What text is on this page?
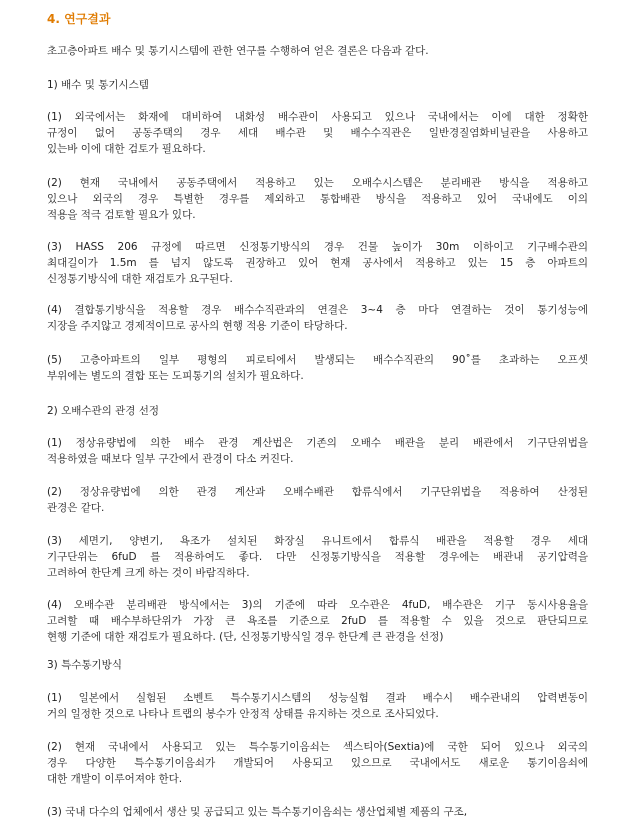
4. 연구결과

초고층아파트 배수 및 통기시스템에 관한 연구를 수행하여 얻은 결론은 다음과 같다.

1) 배수 및 통기시스템

(1) 외국에서는 화재에 대비하여 내화성 배수관이 사용되고 있으나 국내에서는 이에 대한 정확한

규정이 없어 공동주택의 경우 세대 배수관 및 배수수직관은 일반경질염화비닐관을 사용하고

있는바 이에 대한 검토가 필요하다.

(2) 현재 국내에서 공동주택에서 적용하고 있는 오배수시스템은 분리배관 방식을 적용하고

있으나 외국의 경우 특별한 경우를 제외하고 통합배관 방식을 적용하고 있어 국내에도 이의

적용을 적극 검토할 필요가 있다.

(3) HASS 206 규정에 따르면 신정통기방식의 경우 건물 높이가 30m 이하이고 기구배수관의

최대길이가 1.5m 를 넘지 않도록 권장하고 있어 현재 공사에서 적용하고 있는 15 층 아파트의

신정통기방식에 대한 재검토가 요구된다.

(4) 결합통기방식을 적용할 경우 배수수직관과의 연결은 3~4 층 마다 연결하는 것이 통기성능에

지장을 주지않고 경제적이므로 공사의 현행 적용 기준이 타당하다.

(5) 고층아파트의 일부 평형의 피로티에서 발생되는 배수수직관의 90˚를 초과하는 오프셋

부위에는 별도의 결합 또는 도피통기의 설치가 필요하다.

2) 오배수관의 관경 선정

(1) 정상유량법에 의한 배수 관경 계산법은 기존의 오배수 배관을 분리 배관에서 기구단위법을

적용하였을 때보다 일부 구간에서 관경이 다소 커진다.

(2) 정상유량법에 의한 관경 계산과 오배수배관 합류식에서 기구단위법을 적용하여 산정된

관경은 같다.

(3) 세면기, 양변기, 욕조가 설치된 화장실 유니트에서 합류식 배관을 적용할 경우 세대

기구단위는 6fuD 를 적용하여도 좋다. 다만 신정통기방식을 적용할 경우에는 배관내 공기압력을

고려하여 한단계 크게 하는 것이 바람직하다.

(4) 오배수관 분리배관 방식에서는 3)의 기준에 따라 오수관은 4fuD, 배수관은 기구 동시사용율을

고려할 때 배수부하단위가 가장 큰 욕조를 기준으로 2fuD 를 적용할 수 있을 것으로 판단되므로

현행 기준에 대한 재검토가 필요하다. (단, 신정통기방식일 경우 한단계 큰 관경을 선정)

3) 특수통기방식

(1) 일본에서 실험된 소벤트 특수통기시스템의 성능실험 결과 배수시 배수관내의 압력변동이

거의 일정한 것으로 나타나 트랩의 봉수가 안정적 상태를 유지하는 것으로 조사되었다.

(2) 현재 국내에서 사용되고 있는 특수통기이음쇠는 섹스티아(Sextia)에 국한 되어 있으나 외국의

경우 다양한 특수통기이음쇠가 개발되어 사용되고 있으므로 국내에서도 새로운 통기이음쇠에

대한 개발이 이루어져야 한다.

(3) 국내 다수의 업체에서 생산 및 공급되고 있는 특수통기이음쇠는 생산업체별 제품의 구조,
